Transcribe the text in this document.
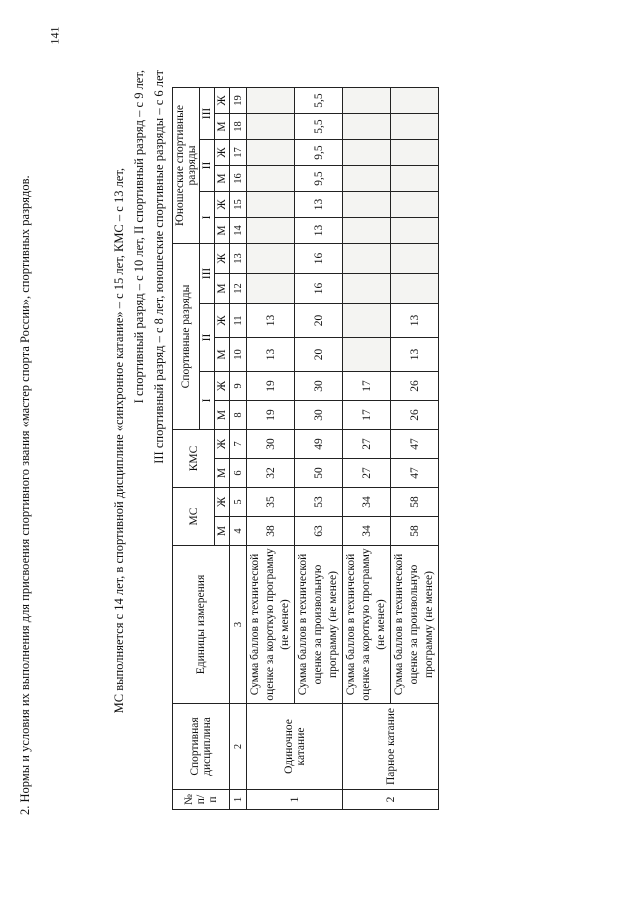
2. Нормы и условия их выполнения для присвоения спортивного звания «мастер спорта России», спортивных разрядов.	МС выполняется с 14 лет, в спортивной дисциплине «синхронное катание» – с 15 лет, КМС – с 13 лет, I спортивный разряд – с 10 лет, II спортивный разряд – с 9 лет, III спортивный разряд – с 8 лет, юношеские спортивные разряды – с 6 лет
№ п/п	Спортивная дисциплина	Единицы измерения	МС		КМС		Спортивные разряды						Юношеские спортивные разряды					
							I		II		III		I		II		III	
			М	Ж	М	Ж	М	Ж	М	Ж	М	Ж	М	Ж	М	Ж	М	Ж
1	2	3	4	5	6	7	8	9	10	11	12	13	14	15	16	17	18	19
1	Одиночное катание	Сумма баллов в технической оценке за короткую программу (не менее)	38	35	32	30	19	19	13	13								
		Сумма баллов в технической оценке за произвольную программу (не менее)	63	53	50	49	30	30	20	20	16	16	13	13	9,5	9,5	5,5	5,5
2	Парное катание	Сумма баллов в технической оценке за короткую программу (не менее)	34	34	27	27	17	17										
		Сумма баллов в технической оценке за произвольную программу (не менее)	58	58	47	47	26	26	13	13								
141
